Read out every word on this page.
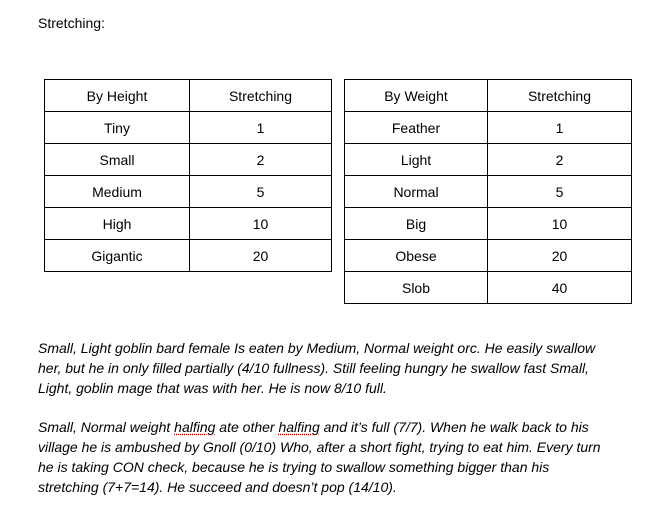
Stretching:
By Height	Stretching
Tiny	1
Small	2
Medium	5
High	10
Gigantic	20
By Weight	Stretching
Feather	1
Light	2
Normal	5
Big	10
Obese	20
Slob	40

Small, Light goblin bard female Is eaten by Medium, Normal weight orc. He easily swallow
her, but he in only filled partially (4/10 fullness). Still feeling hungry he swallow fast Small,
Light, goblin mage that was with her. He is now 8/10 full.

Small, Normal weight halfing ate other halfing and it’s full (7/7). When he walk back to his
village he is ambushed by Gnoll (0/10) Who, after a short fight, trying to eat him. Every turn
he is taking CON check, because he is trying to swallow something bigger than his
stretching (7+7=14). He succeed and doesn’t pop (14/10).
